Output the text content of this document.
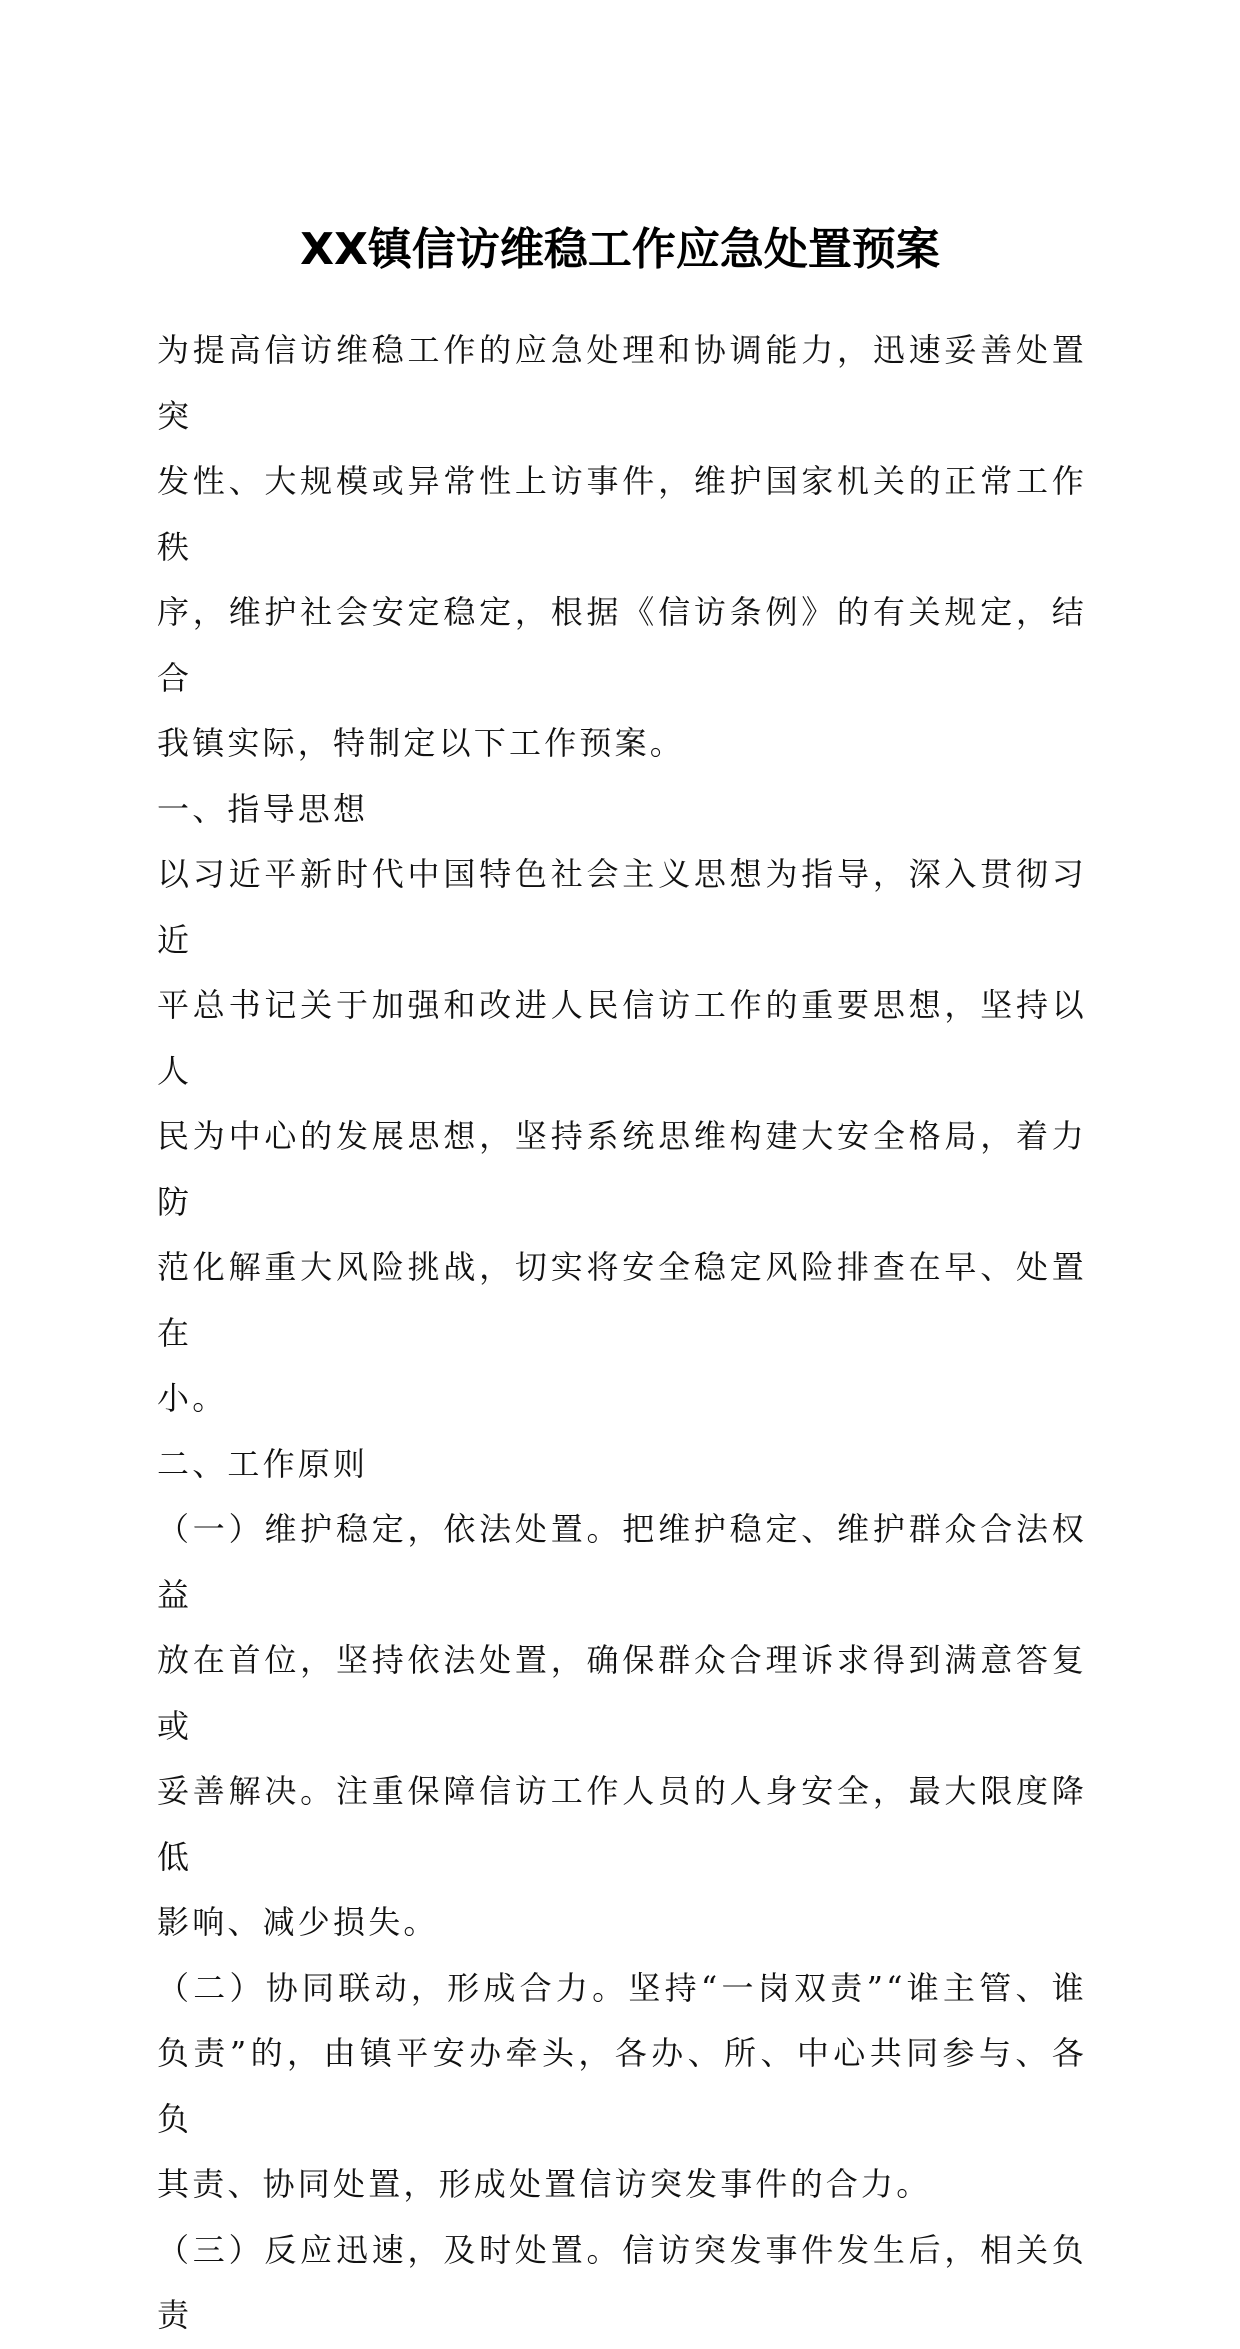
XX镇信访维稳工作应急处置预案

为提高信访维稳工作的应急处理和协调能力，迅速妥善处置突

发性、大规模或异常性上访事件，维护国家机关的正常工作秩

序，维护社会安定稳定，根据《信访条例》的有关规定，结合

我镇实际，特制定以下工作预案。

一、指导思想

以习近平新时代中国特色社会主义思想为指导，深入贯彻习近

平总书记关于加强和改进人民信访工作的重要思想，坚持以人

民为中心的发展思想，坚持系统思维构建大安全格局，着力防

范化解重大风险挑战，切实将安全稳定风险排查在早、处置在

小。

二、工作原则

（一）维护稳定，依法处置。把维护稳定、维护群众合法权益

放在首位，坚持依法处置，确保群众合理诉求得到满意答复或

妥善解决。注重保障信访工作人员的人身安全，最大限度降低

影响、减少损失。

（二）协同联动，形成合力。坚持“一岗双责”“谁主管、谁

负责”的，由镇平安办牵头，各办、所、中心共同参与、各负

其责、协同处置，形成处置信访突发事件的合力。

（三）反应迅速，及时处置。信访突发事件发生后，相关负责
